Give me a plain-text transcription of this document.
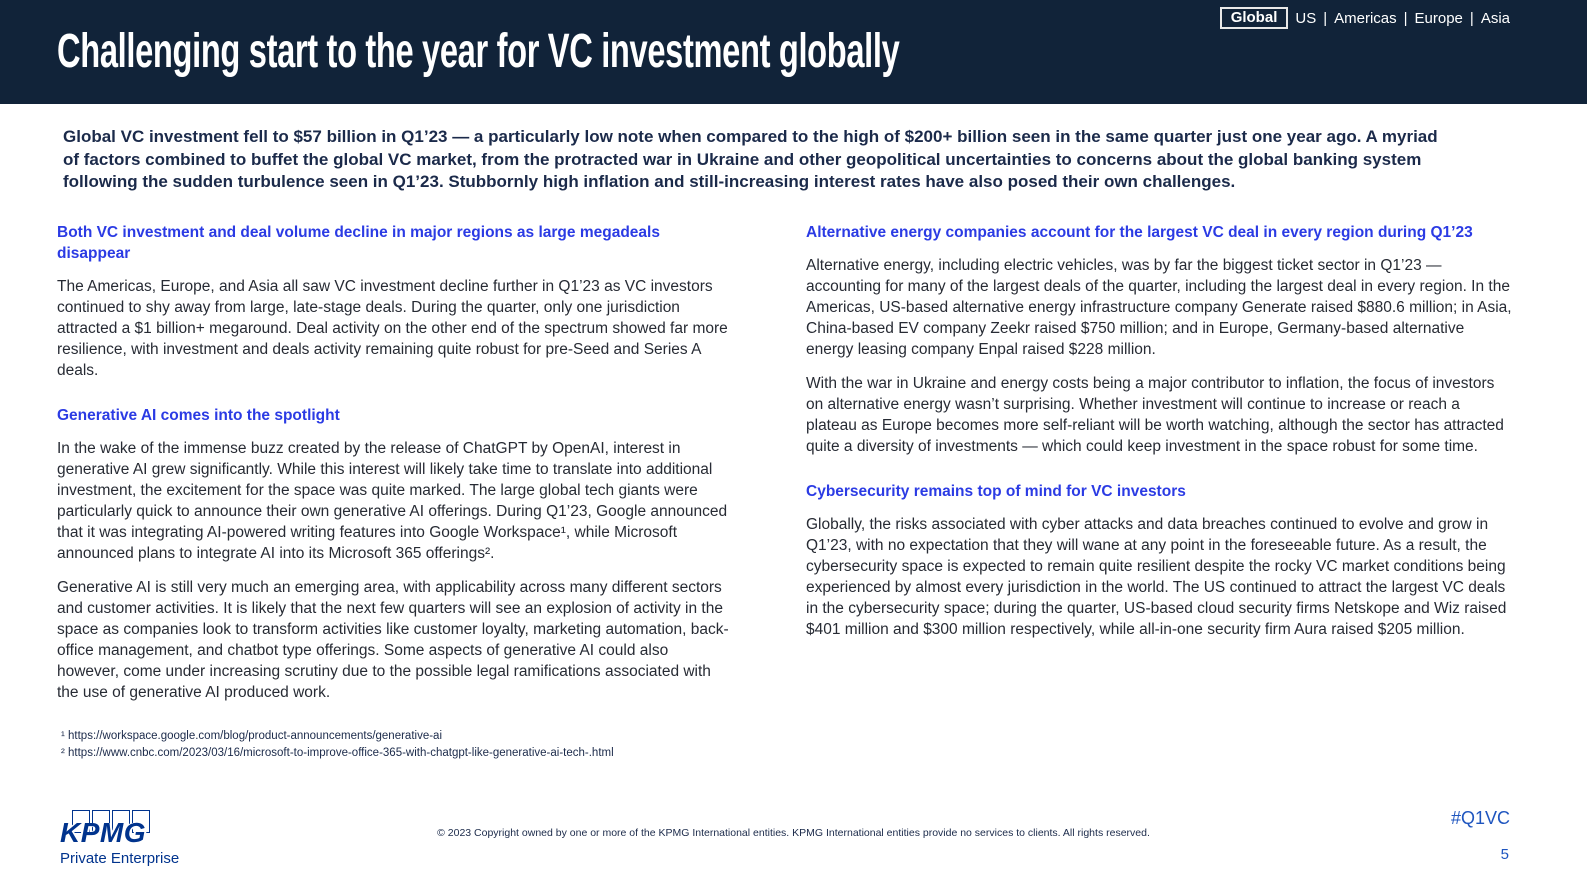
Global	US | Americas | Europe | Asia
Challenging start to the year for VC investment globally

Global VC investment fell to $57 billion in Q1’23 — a particularly low note when compared to the high of $200+ billion seen in the same quarter just one year ago. A myriad of factors combined to buffet the global VC market, from the protracted war in Ukraine and other geopolitical uncertainties to concerns about the global banking system following the sudden turbulence seen in Q1’23. Stubbornly high inflation and still-increasing interest rates have also posed their own challenges.

Both VC investment and deal volume decline in major regions as large megadeals disappear

The Americas, Europe, and Asia all saw VC investment decline further in Q1’23 as VC investors continued to shy away from large, late-stage deals. During the quarter, only one jurisdiction attracted a $1 billion+ megaround. Deal activity on the other end of the spectrum showed far more resilience, with investment and deals activity remaining quite robust for pre-Seed and Series A deals.

Generative AI comes into the spotlight

In the wake of the immense buzz created by the release of ChatGPT by OpenAI, interest in generative AI grew significantly. While this interest will likely take time to translate into additional investment, the excitement for the space was quite marked. The large global tech giants were particularly quick to announce their own generative AI offerings. During Q1’23, Google announced that it was integrating AI-powered writing features into Google Workspace¹, while Microsoft announced plans to integrate AI into its Microsoft 365 offerings².

Generative AI is still very much an emerging area, with applicability across many different sectors and customer activities. It is likely that the next few quarters will see an explosion of activity in the space as companies look to transform activities like customer loyalty, marketing automation, back-office management, and chatbot type offerings. Some aspects of generative AI could also however, come under increasing scrutiny due to the possible legal ramifications associated with the use of generative AI produced work.

Alternative energy companies account for the largest VC deal in every region during Q1’23

Alternative energy, including electric vehicles, was by far the biggest ticket sector in Q1’23 — accounting for many of the largest deals of the quarter, including the largest deal in every region. In the Americas, US-based alternative energy infrastructure company Generate raised $880.6 million; in Asia, China-based EV company Zeekr raised $750 million; and in Europe, Germany-based alternative energy leasing company Enpal raised $228 million.

With the war in Ukraine and energy costs being a major contributor to inflation, the focus of investors on alternative energy wasn’t surprising. Whether investment will continue to increase or reach a plateau as Europe becomes more self-reliant will be worth watching, although the sector has attracted quite a diversity of investments — which could keep investment in the space robust for some time.

Cybersecurity remains top of mind for VC investors

Globally, the risks associated with cyber attacks and data breaches continued to evolve and grow in Q1’23, with no expectation that they will wane at any point in the foreseeable future. As a result, the cybersecurity space is expected to remain quite resilient despite the rocky VC market conditions being experienced by almost every jurisdiction in the world. The US continued to attract the largest VC deals in the cybersecurity space; during the quarter, US-based cloud security firms Netskope and Wiz raised $401 million and $300 million respectively, while all-in-one security firm Aura raised $205 million.

¹ https://workspace.google.com/blog/product-announcements/generative-ai
² https://www.cnbc.com/2023/03/16/microsoft-to-improve-office-365-with-chatgpt-like-generative-ai-tech-.html
KPMG
Private Enterprise
© 2023 Copyright owned by one or more of the KPMG International entities. KPMG International entities provide no services to clients. All rights reserved.
#Q1VC
5
